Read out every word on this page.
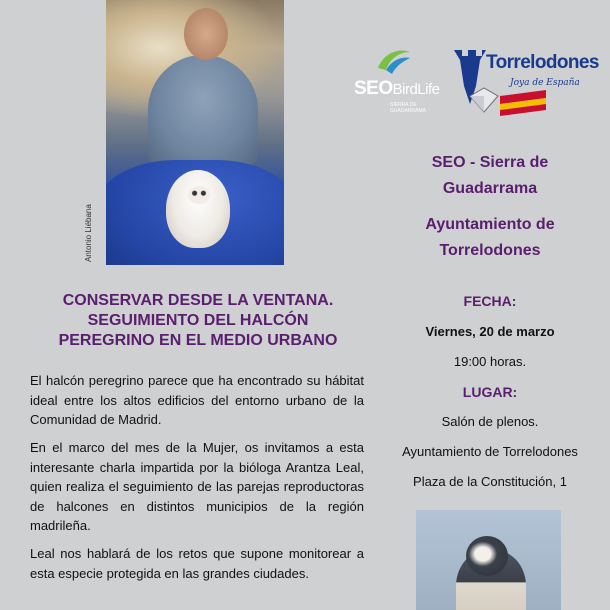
Antonio Liébana
SEOBirdLife
SIERRA DE GUADARRAMA
Torrelodones
Joya de España
SEO - Sierra de
Guadarrama
Ayuntamiento de
Torrelodones
FECHA:
Viernes, 20 de marzo
19:00 horas.
LUGAR:
Salón de plenos.
Ayuntamiento de Torrelodones
Plaza de la Constitución, 1
CONSERVAR DESDE LA VENTANA.
SEGUIMIENTO DEL HALCÓN
PEREGRINO EN EL MEDIO URBANO

El halcón peregrino parece que ha encontrado su hábitat ideal entre los altos edificios del entorno urbano de la Comunidad de Madrid.

En el marco del mes de la Mujer, os invitamos a esta interesante charla impartida por la bióloga Arantza Leal, quien realiza el seguimiento de las parejas reproductoras de halcones en distintos municipios de la región madrileña.

Leal nos hablará de los retos que supone monitorear a esta especie protegida en las grandes ciudades.
